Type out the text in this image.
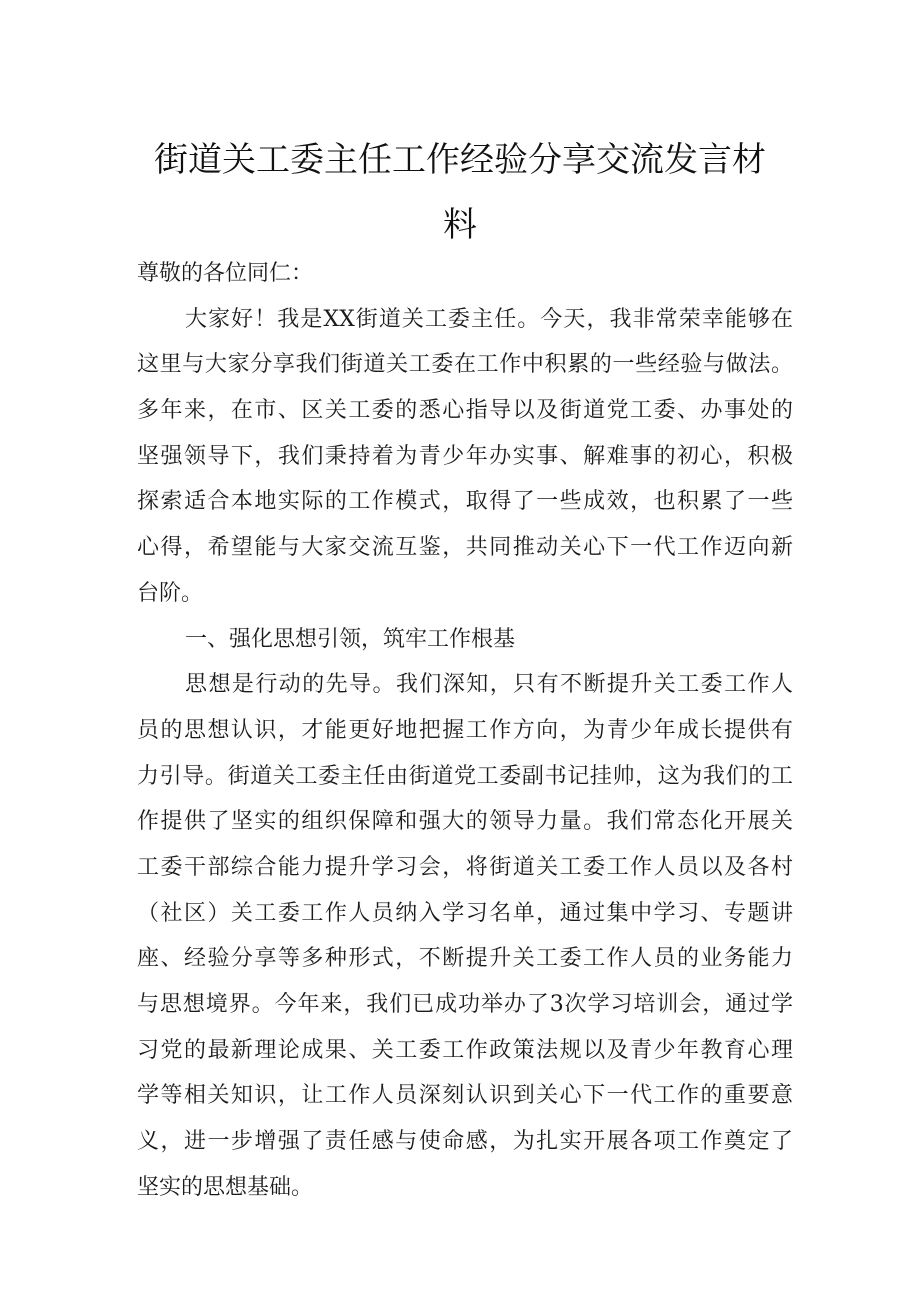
街道关工委主任工作经验分享交流发言材
料
尊敬的各位同仁：
大家好！我是XX街道关工委主任。今天，我非常荣幸能够在
这里与大家分享我们街道关工委在工作中积累的一些经验与做法。
多年来，在市、区关工委的悉心指导以及街道党工委、办事处的
坚强领导下，我们秉持着为青少年办实事、解难事的初心，积极
探索适合本地实际的工作模式，取得了一些成效，也积累了一些
心得，希望能与大家交流互鉴，共同推动关心下一代工作迈向新
台阶。
一、强化思想引领，筑牢工作根基
思想是行动的先导。我们深知，只有不断提升关工委工作人
员的思想认识，才能更好地把握工作方向，为青少年成长提供有
力引导。街道关工委主任由街道党工委副书记挂帅，这为我们的工
作提供了坚实的组织保障和强大的领导力量。我们常态化开展关
工委干部综合能力提升学习会，将街道关工委工作人员以及各村
（社区）关工委工作人员纳入学习名单，通过集中学习、专题讲
座、经验分享等多种形式，不断提升关工委工作人员的业务能力
与思想境界。今年来，我们已成功举办了3次学习培训会，通过学
习党的最新理论成果、关工委工作政策法规以及青少年教育心理
学等相关知识，让工作人员深刻认识到关心下一代工作的重要意
义，进一步增强了责任感与使命感，为扎实开展各项工作奠定了
坚实的思想基础。
